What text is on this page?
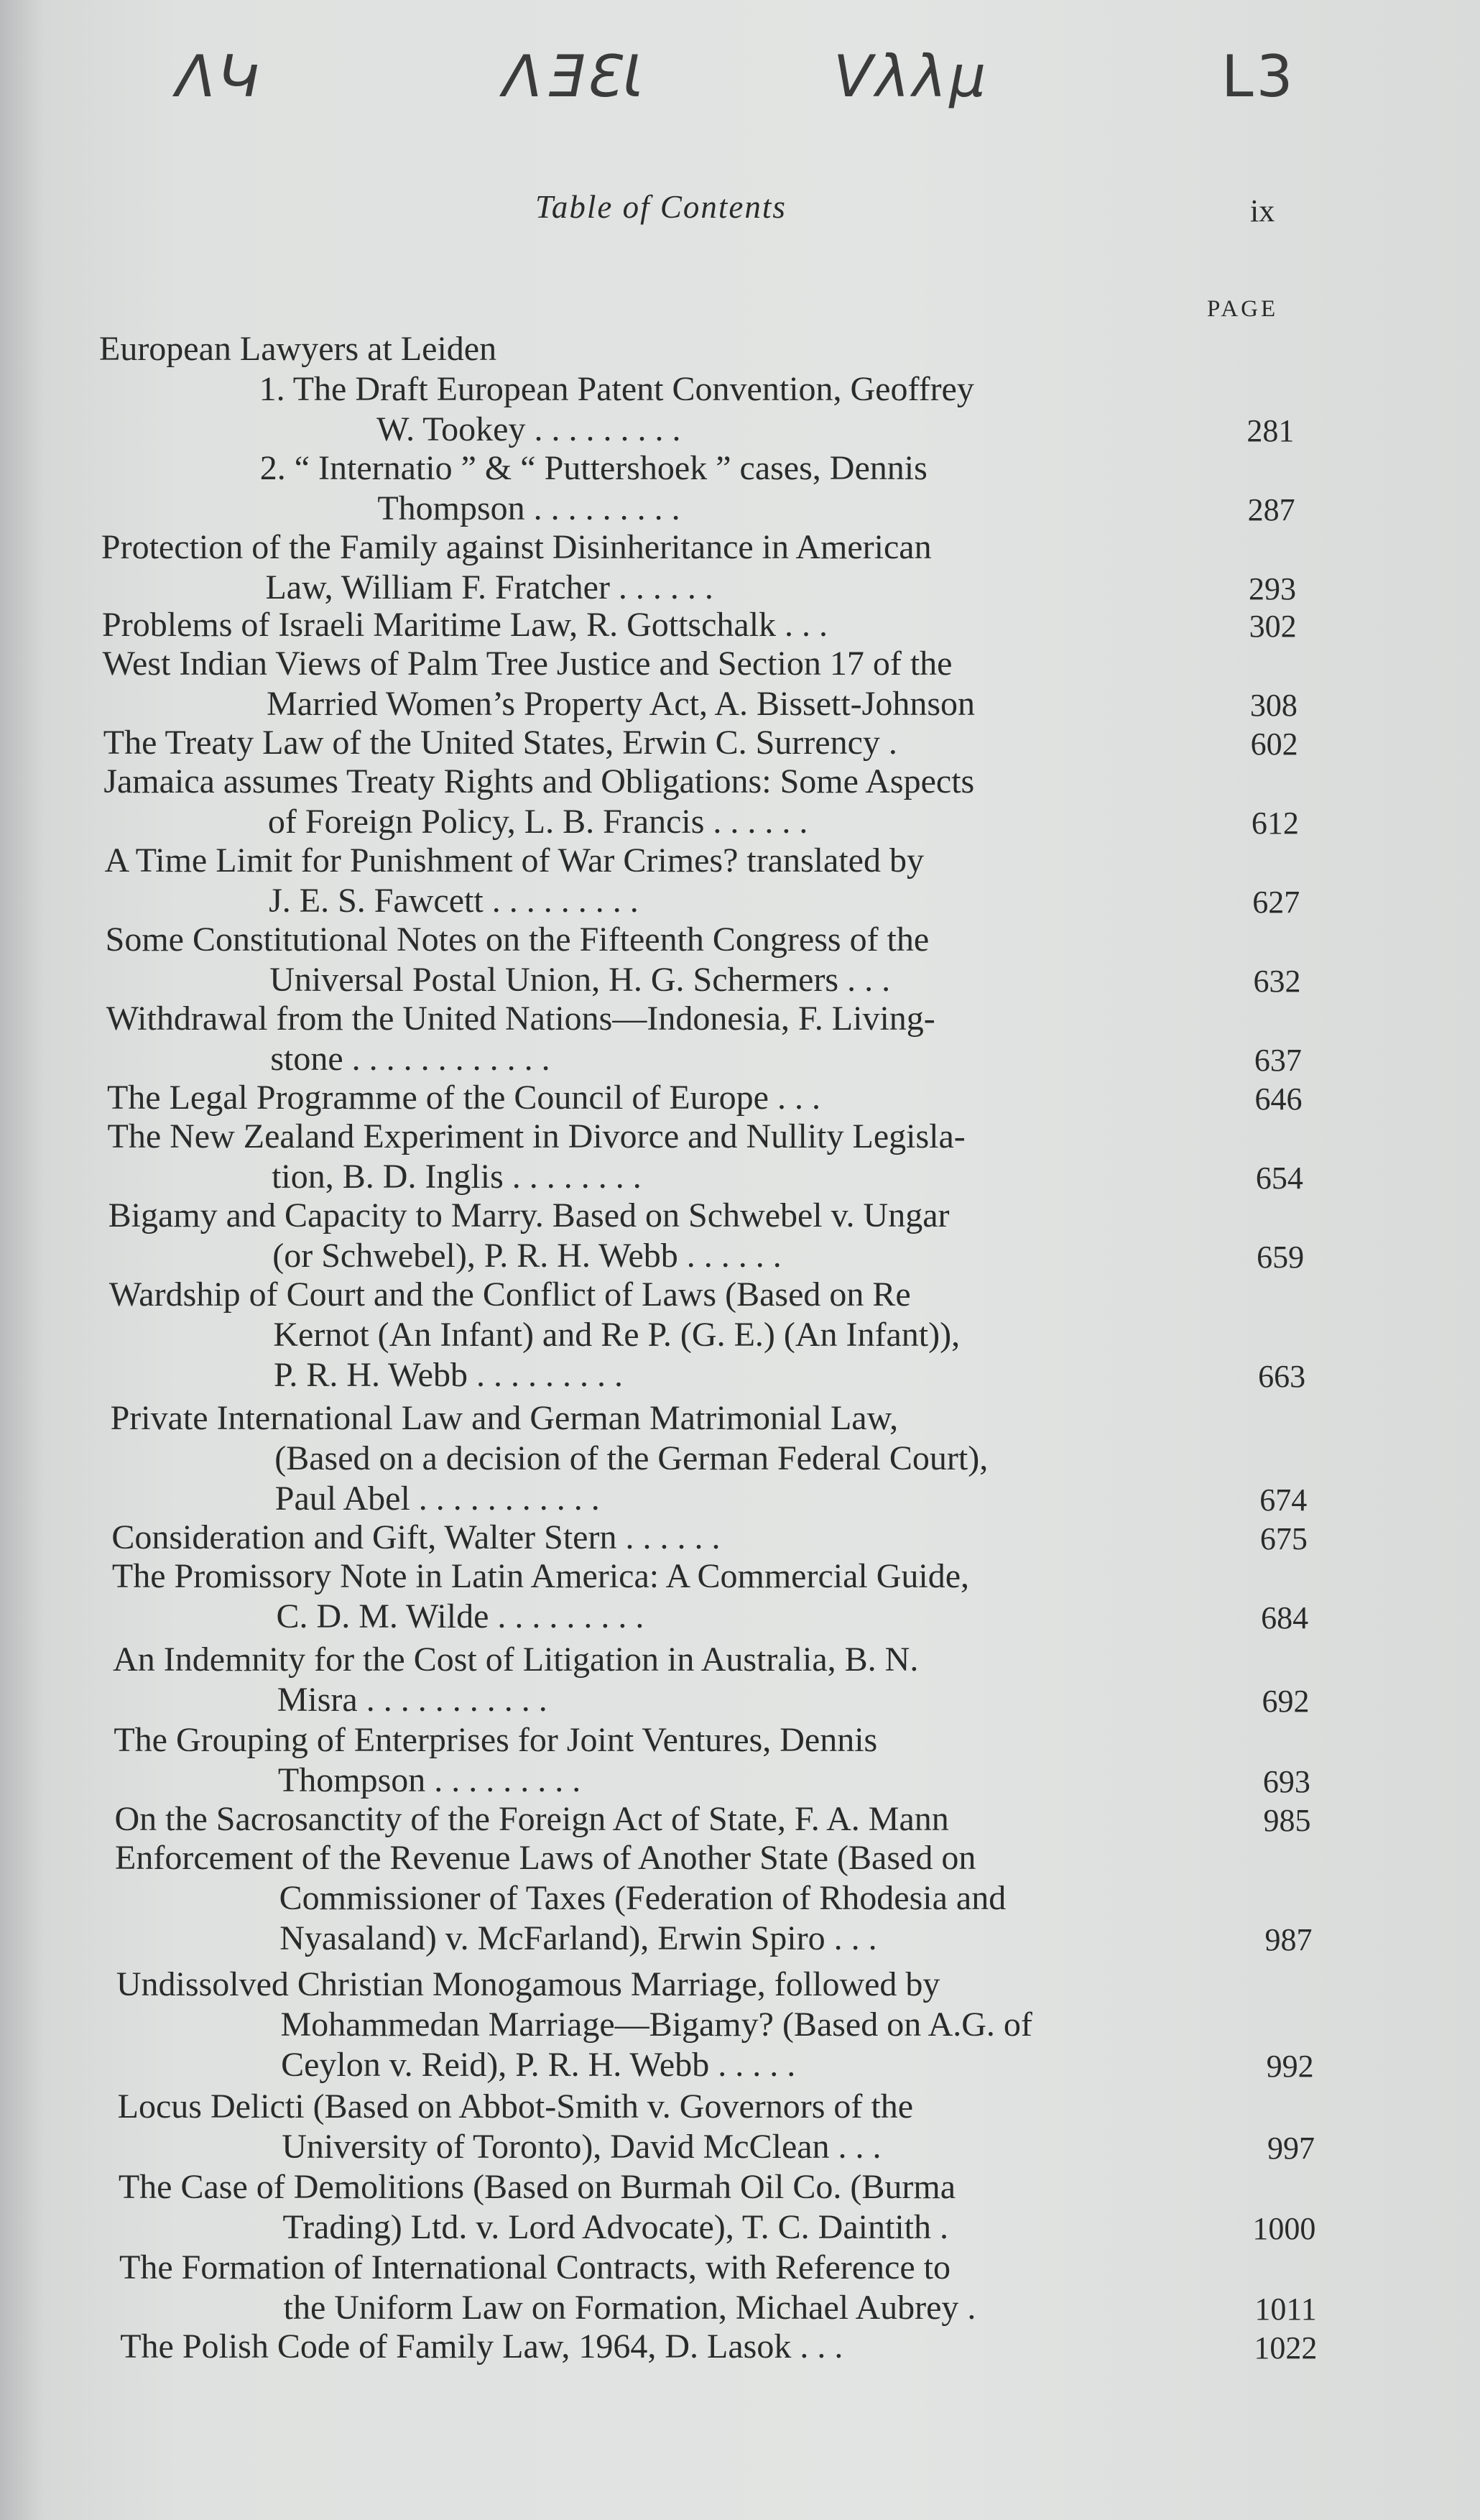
ΛԿ	ɅƎƐƖ	Vλλμ	L3
Table of Contents	ix
PAGE
European Lawyers at Leiden
1. The Draft European Patent Convention, Geoffrey
W. Tookey . . . . . . . . .	281
2. “ Internatio ” & “ Puttershoek ” cases, Dennis
Thompson . . . . . . . . .	287
Protection of the Family against Disinheritance in American
Law, William F. Fratcher . . . . . .	293
Problems of Israeli Maritime Law, R. Gottschalk . . .	302
West Indian Views of Palm Tree Justice and Section 17 of the
Married Women’s Property Act, A. Bissett-Johnson	308
The Treaty Law of the United States, Erwin C. Surrency .	602
Jamaica assumes Treaty Rights and Obligations: Some Aspects
of Foreign Policy, L. B. Francis . . . . . .	612
A Time Limit for Punishment of War Crimes? translated by
J. E. S. Fawcett . . . . . . . . .	627
Some Constitutional Notes on the Fifteenth Congress of the
Universal Postal Union, H. G. Schermers . . .	632
Withdrawal from the United Nations—Indonesia, F. Living-
stone . . . . . . . . . . . .	637
The Legal Programme of the Council of Europe . . .	646
The New Zealand Experiment in Divorce and Nullity Legisla-
tion, B. D. Inglis . . . . . . . .	654
Bigamy and Capacity to Marry. Based on Schwebel v. Ungar
(or Schwebel), P. R. H. Webb . . . . . .	659
Wardship of Court and the Conflict of Laws (Based on Re
Kernot (An Infant) and Re P. (G. E.) (An Infant)),
P. R. H. Webb . . . . . . . . .	663
Private International Law and German Matrimonial Law,
(Based on a decision of the German Federal Court),
Paul Abel . . . . . . . . . . .	674
Consideration and Gift, Walter Stern . . . . . .	675
The Promissory Note in Latin America: A Commercial Guide,
C. D. M. Wilde . . . . . . . . .	684
An Indemnity for the Cost of Litigation in Australia, B. N.
Misra . . . . . . . . . . .	692
The Grouping of Enterprises for Joint Ventures, Dennis
Thompson . . . . . . . . .	693
On the Sacrosanctity of the Foreign Act of State, F. A. Mann	985
Enforcement of the Revenue Laws of Another State (Based on
Commissioner of Taxes (Federation of Rhodesia and
Nyasaland) v. McFarland), Erwin Spiro . . .	987
Undissolved Christian Monogamous Marriage, followed by
Mohammedan Marriage—Bigamy? (Based on A.G. of
Ceylon v. Reid), P. R. H. Webb . . . . .	992
Locus Delicti (Based on Abbot-Smith v. Governors of the
University of Toronto), David McClean . . .	997
The Case of Demolitions (Based on Burmah Oil Co. (Burma
Trading) Ltd. v. Lord Advocate), T. C. Daintith .	1000
The Formation of International Contracts, with Reference to
the Uniform Law on Formation, Michael Aubrey .	1011
The Polish Code of Family Law, 1964, D. Lasok . . .	1022
